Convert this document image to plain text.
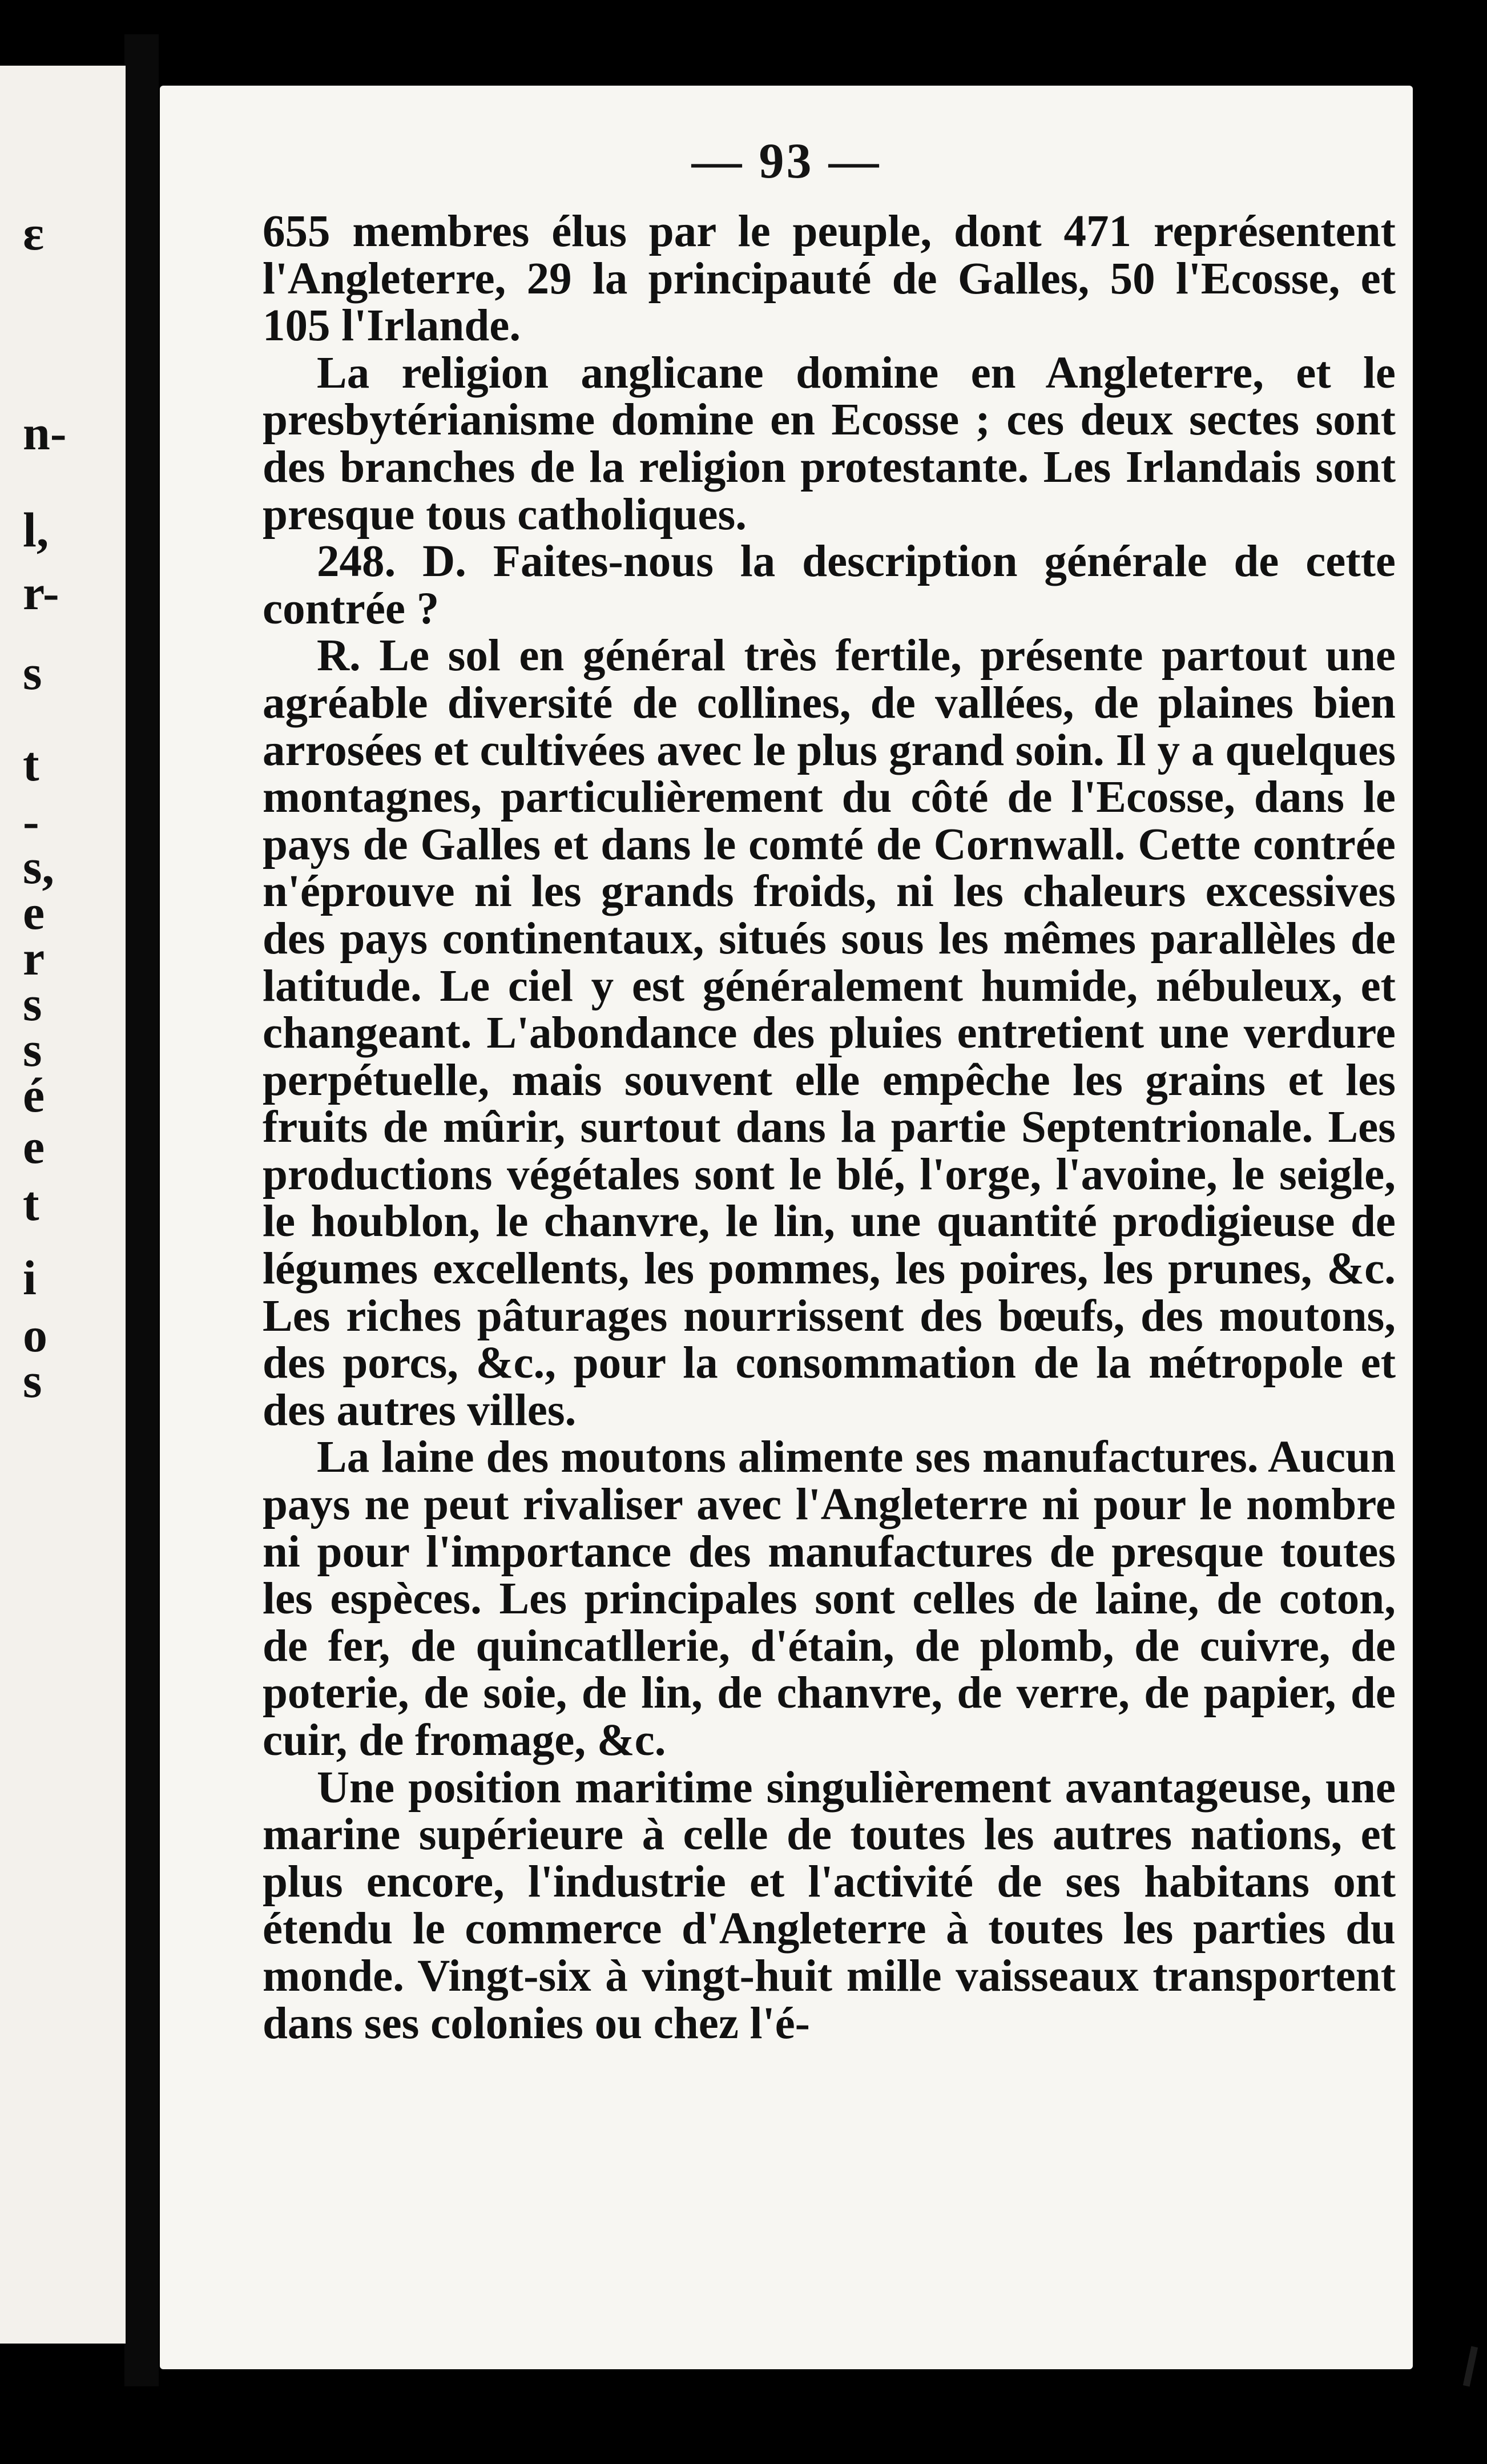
ɛ
n-
l,
r-
s
t
-
s,
e
r
s
s
é
e
t
i
o
s
— 93 —

655 membres élus par le peuple, dont 471 représentent l'Angleterre, 29 la principauté de Galles, 50 l'Ecosse, et 105 l'Irlande.

La religion anglicane domine en Angleterre, et le presbytérianisme domine en Ecosse ; ces deux sectes sont des branches de la religion protestante. Les Irlandais sont presque tous catholiques.

248. D. Faites-nous la description générale de cette contrée ?

R. Le sol en général très fertile, présente partout une agréable diversité de collines, de vallées, de plaines bien arrosées et cultivées avec le plus grand soin. Il y a quelques montagnes, particulièrement du côté de l'Ecosse, dans le pays de Galles et dans le comté de Cornwall. Cette contrée n'éprouve ni les grands froids, ni les chaleurs excessives des pays continentaux, situés sous les mêmes parallèles de latitude. Le ciel y est généralement humide, nébuleux, et changeant. L'abondance des pluies entretient une verdure perpétuelle, mais souvent elle empêche les grains et les fruits de mûrir, surtout dans la partie Septentrionale. Les productions végétales sont le blé, l'orge, l'avoine, le seigle, le houblon, le chanvre, le lin, une quantité prodigieuse de légumes excellents, les pommes, les poires, les prunes, &c. Les riches pâturages nourrissent des bœufs, des moutons, des porcs, &c., pour la consommation de la métropole et des autres villes.

La laine des moutons alimente ses manufactures. Aucun pays ne peut rivaliser avec l'Angleterre ni pour le nombre ni pour l'importance des manufactures de presque toutes les espèces. Les principales sont celles de laine, de coton, de fer, de quincatllerie, d'étain, de plomb, de cuivre, de poterie, de soie, de lin, de chanvre, de verre, de papier, de cuir, de fromage, &c.

Une position maritime singulièrement avantageuse, une marine supérieure à celle de toutes les autres nations, et plus encore, l'industrie et l'activité de ses habitans ont étendu le commerce d'Angleterre à toutes les parties du monde. Vingt-six à vingt-huit mille vaisseaux transportent dans ses colonies ou chez l'é-
